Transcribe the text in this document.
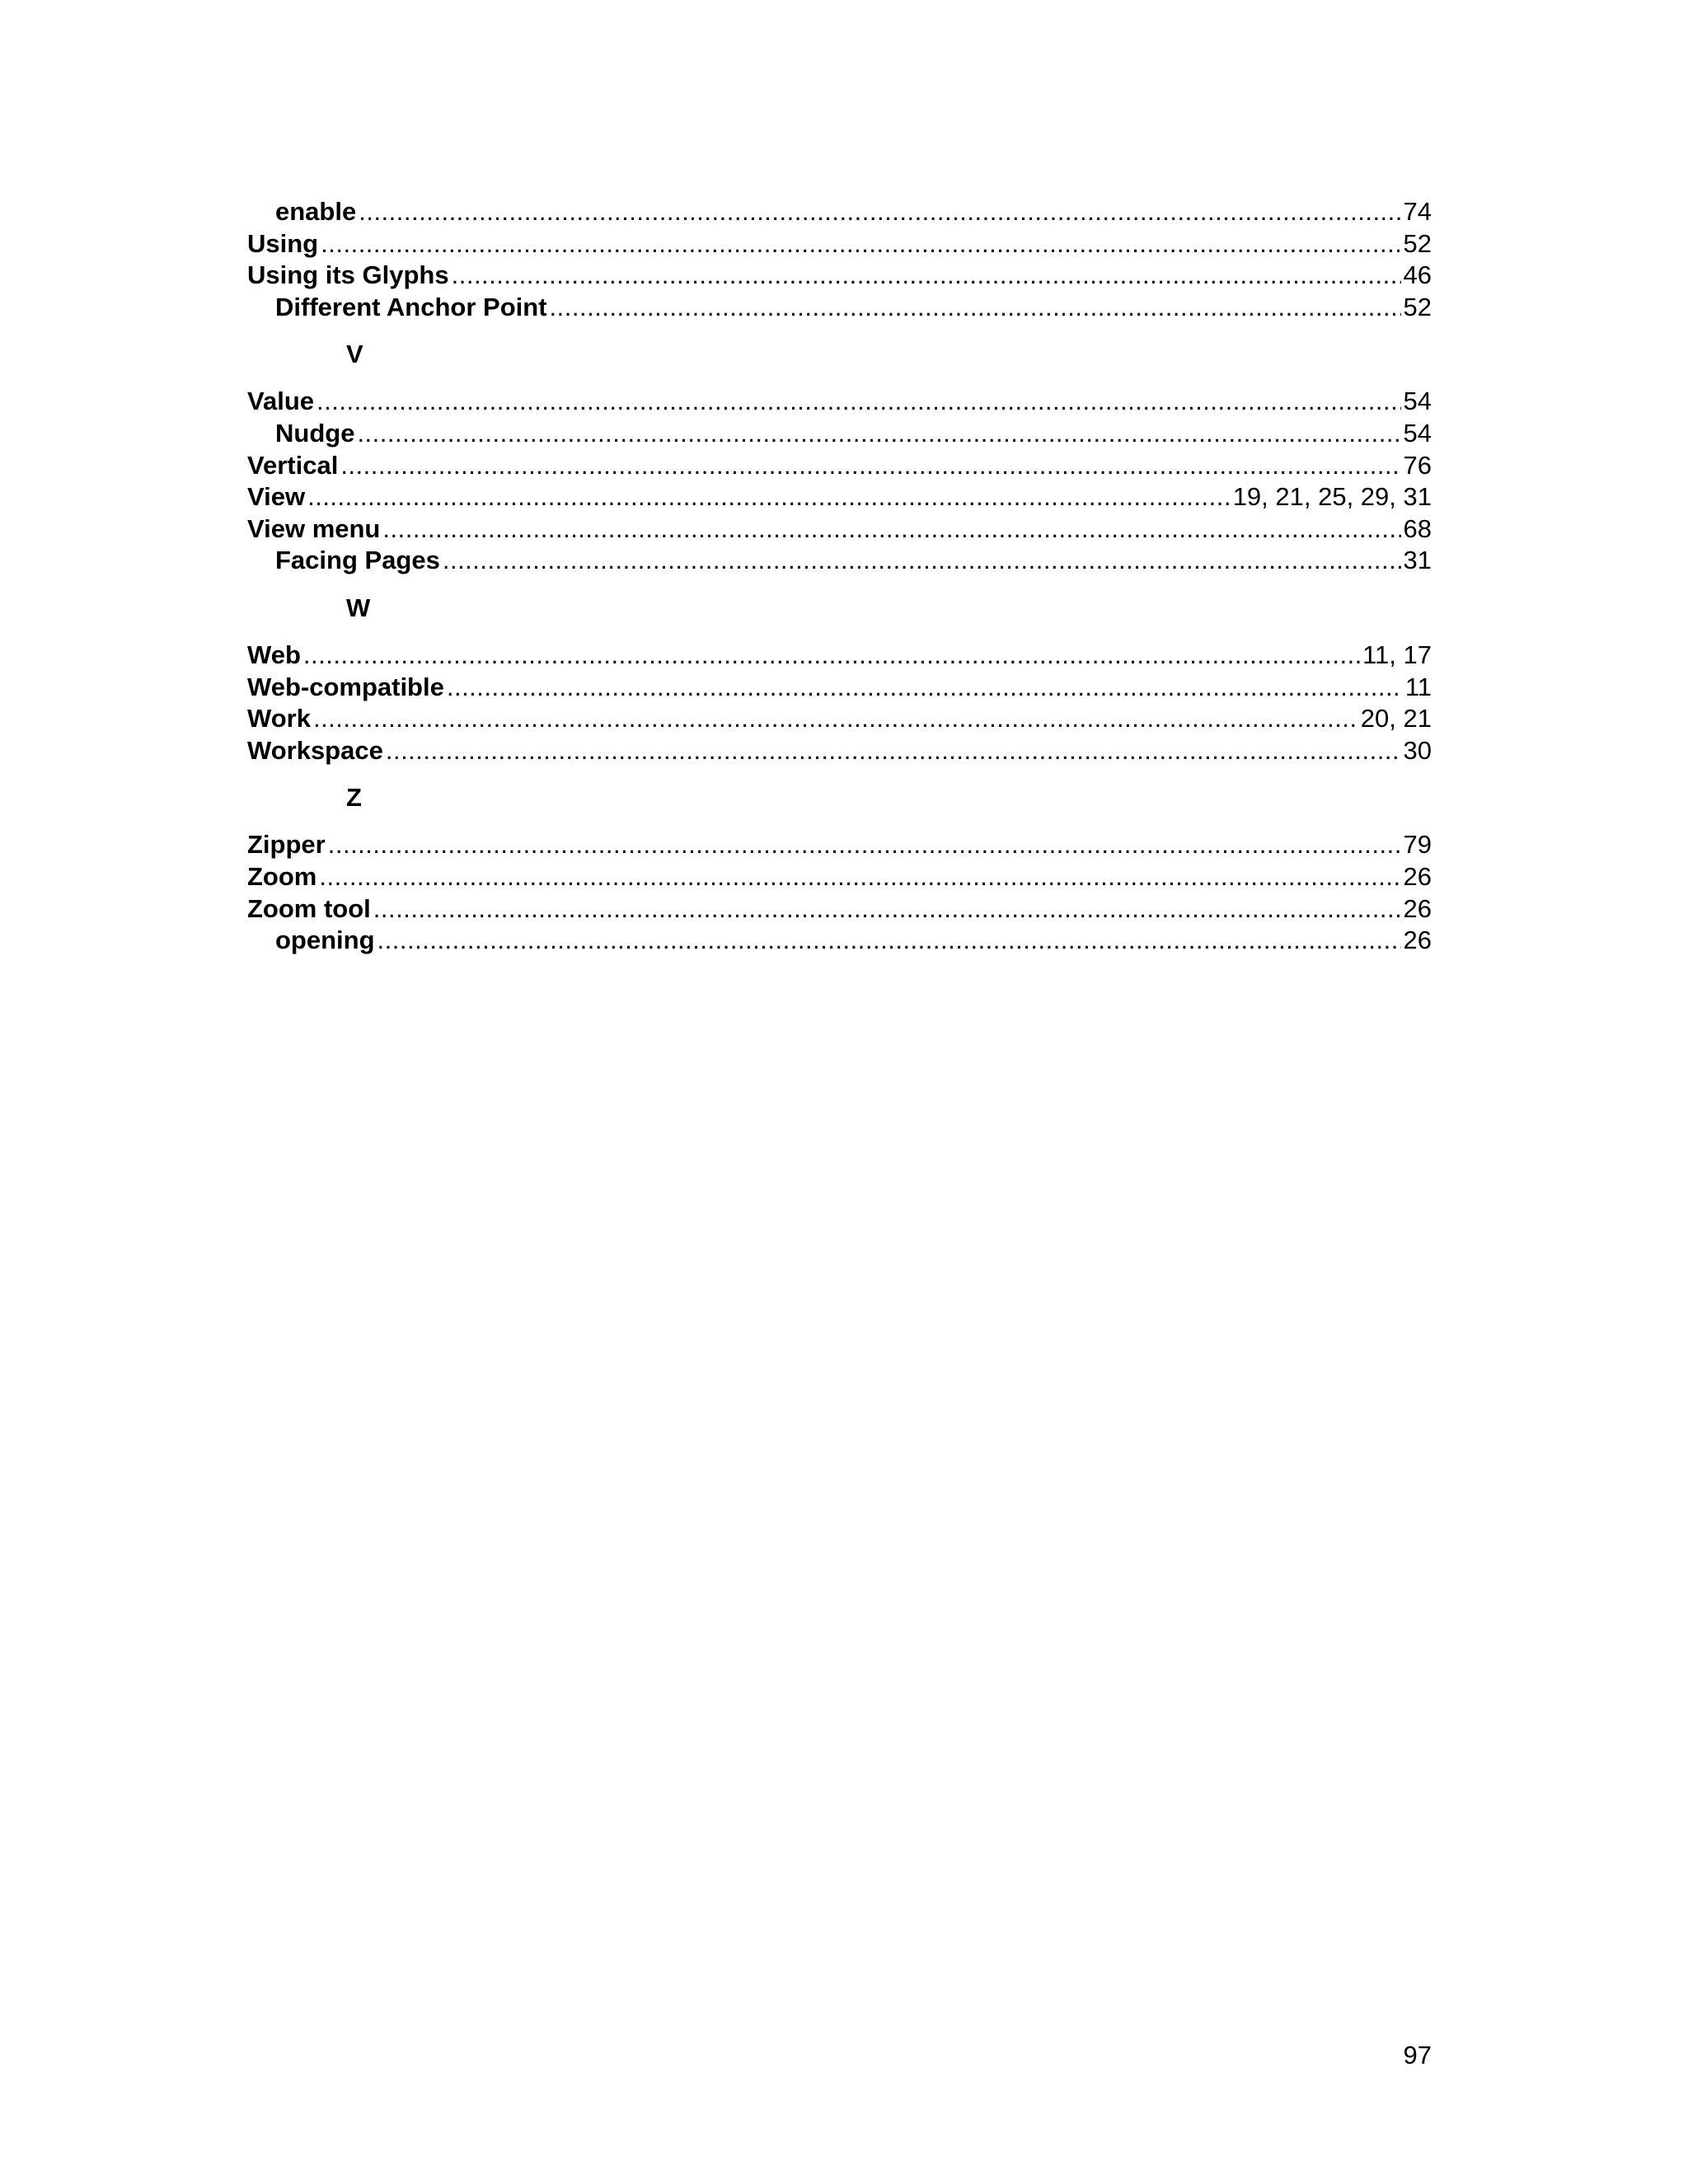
enable .....	74
Using .....	52
Using its Glyphs .....	46
Different Anchor Point .....	52
V
Value .....	54
Nudge .....	54
Vertical .....	76
View .....	19, 21, 25, 29, 31
View menu .....	68
Facing Pages .....	31
W
Web .....	11, 17
Web-compatible .....	11
Work .....	20, 21
Workspace .....	30
Z
Zipper .....	79
Zoom .....	26
Zoom tool .....	26
opening .....	26
97
